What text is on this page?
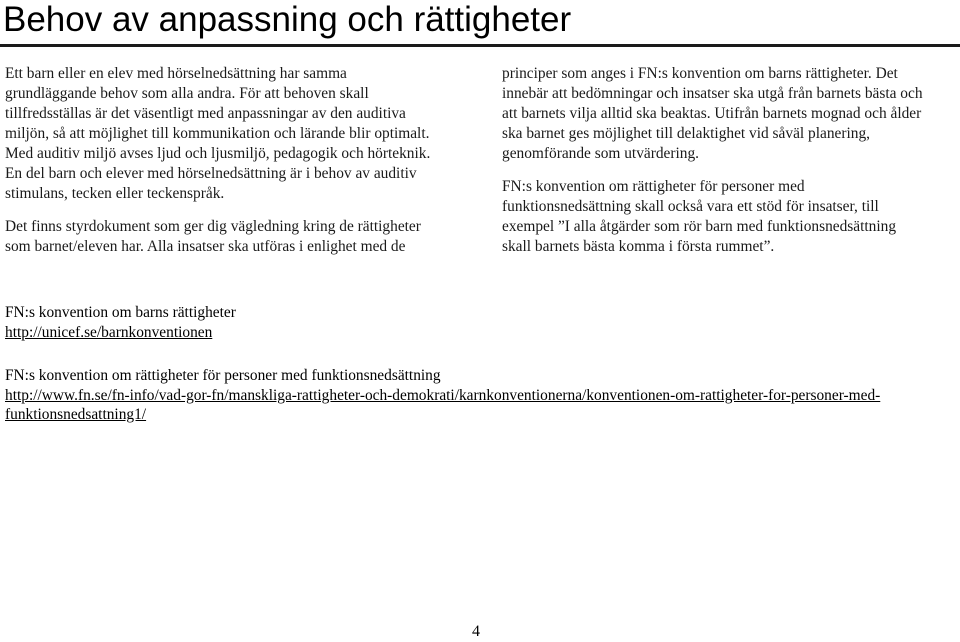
Behov av anpassning och rättigheter

Ett barn eller en elev med hörselnedsättning har samma
grundläggande behov som alla andra. För att behoven skall
tillfredsställas är det väsentligt med anpassningar av den auditiva
miljön, så att möjlighet till kommunikation och lärande blir optimalt.
Med auditiv miljö avses ljud och ljusmiljö, pedagogik och hörteknik.
En del barn och elever med hörselnedsättning är i behov av auditiv
stimulans, tecken eller teckenspråk.

Det finns styrdokument som ger dig vägledning kring de rättigheter
som barnet/eleven har. Alla insatser ska utföras i enlighet med de

principer som anges i FN:s konvention om barns rättigheter. Det
innebär att bedömningar och insatser ska utgå från barnets bästa och
att barnets vilja alltid ska beaktas. Utifrån barnets mognad och ålder
ska barnet ges möjlighet till delaktighet vid såväl planering,
genomförande som utvärdering.

FN:s konvention om rättigheter för personer med
funktionsnedsättning skall också vara ett stöd för insatser, till
exempel ”I alla åtgärder som rör barn med funktionsnedsättning
skall barnets bästa komma i första rummet”.

FN:s konvention om barns rättigheter

http://unicef.se/barnkonventionen

FN:s konvention om rättigheter för personer med funktionsnedsättning

http://www.fn.se/fn-info/vad-gor-fn/manskliga-rattigheter-och-demokrati/karnkonventionerna/konventionen-om-rattigheter-for-personer-med-
funktionsnedsattning1/

4
